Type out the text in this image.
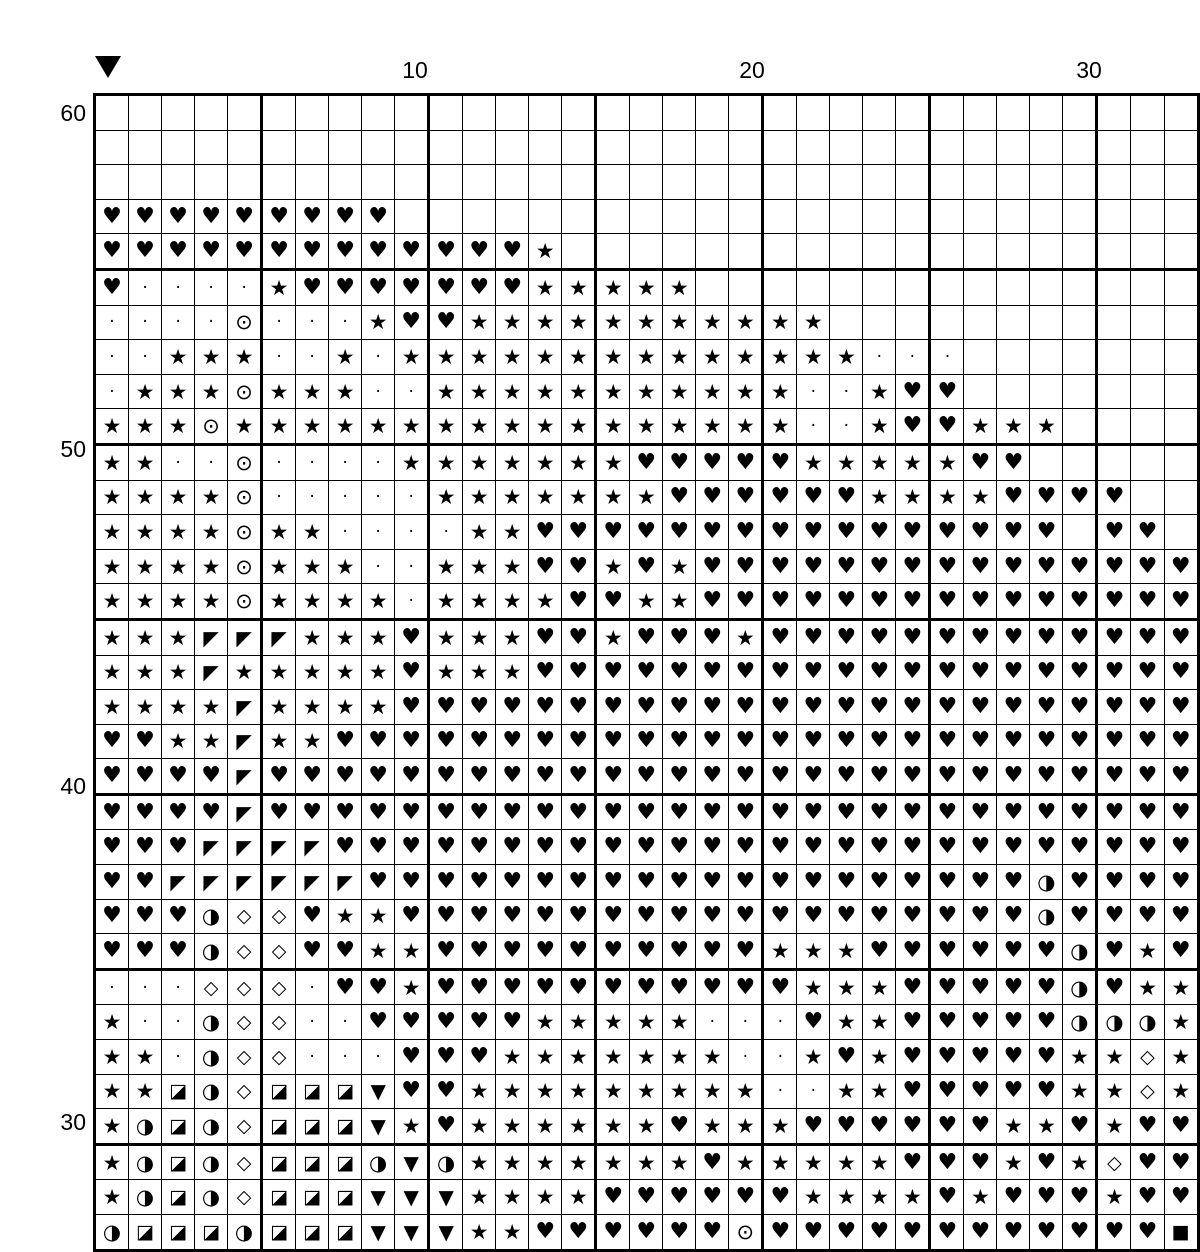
10	20	30
60
50
40
30

♥	♥	♥	♥	♥	♥	♥	♥	♥																								

♥	♥	♥	♥	♥	♥	♥	♥	♥	♥	♥	♥	♥	★																			

♥	·	·	·	·	★	♥	♥	♥	♥	♥	♥	♥	★	★	★	★	★															

·	·	·	·	⊙	·	·	·	★	♥	♥	★	★	★	★	★	★	★	★	★	★	★											

·	·	★	★	★	·	·	★	·	★	★	★	★	★	★	★	★	★	★	★	★	★	★	·	·	·							

·	★	★	★	⊙	★	★	★	·	·	★	★	★	★	★	★	★	★	★	★	★	·	·	★	♥	♥							

★	★	★	⊙	★	★	★	★	★	★	★	★	★	★	★	★	★	★	★	★	★	·	·	★	♥	♥	★	★	★				

★	★	·	·	⊙	·	·	·	·	★	★	★	★	★	★	★	♥	♥	♥	♥	♥	★	★	★	★	★	♥	♥					

★	★	★	★	⊙	·	·	·	·	·	★	★	★	★	★	★	★	♥	♥	♥	♥	♥	♥	★	★	★	★	♥	♥	♥	♥		

★	★	★	★	⊙	★	★	·	·	·	·	★	★	♥	♥	♥	♥	♥	♥	♥	♥	♥	♥	♥	♥	♥	♥	♥	♥		♥	♥	

★	★	★	★	⊙	★	★	★	·	·	★	★	★	♥	♥	★	♥	★	♥	♥	♥	♥	♥	♥	♥	♥	♥	♥	♥	♥	♥	♥	♥

★	★	★	★	⊙	★	★	★	★	·	★	★	★	★	♥	♥	★	★	♥	♥	♥	♥	♥	♥	♥	♥	♥	♥	♥	♥	♥	♥	♥

★	★	★	◤	◤	◤	★	★	★	♥	★	★	★	♥	♥	★	♥	♥	♥	★	♥	♥	♥	♥	♥	♥	♥	♥	♥	♥	♥	♥	♥

★	★	★	◤	★	★	★	★	★	♥	★	★	★	♥	♥	♥	♥	♥	♥	♥	♥	♥	♥	♥	♥	♥	♥	♥	♥	♥	♥	♥	♥

★	★	★	★	◤	★	★	★	★	♥	♥	♥	♥	♥	♥	♥	♥	♥	♥	♥	♥	♥	♥	♥	♥	♥	♥	♥	♥	♥	♥	♥	♥

♥	♥	★	★	◤	★	★	♥	♥	♥	♥	♥	♥	♥	♥	♥	♥	♥	♥	♥	♥	♥	♥	♥	♥	♥	♥	♥	♥	♥	♥	♥	♥

♥	♥	♥	♥	◤	♥	♥	♥	♥	♥	♥	♥	♥	♥	♥	♥	♥	♥	♥	♥	♥	♥	♥	♥	♥	♥	♥	♥	♥	♥	♥	♥	♥

♥	♥	♥	♥	◤	♥	♥	♥	♥	♥	♥	♥	♥	♥	♥	♥	♥	♥	♥	♥	♥	♥	♥	♥	♥	♥	♥	♥	♥	♥	♥	♥	♥

♥	♥	♥	◤	◤	◤	◤	♥	♥	♥	♥	♥	♥	♥	♥	♥	♥	♥	♥	♥	♥	♥	♥	♥	♥	♥	♥	♥	♥	♥	♥	♥	♥

♥	♥	◤	◤	◤	◤	◤	◤	♥	♥	♥	♥	♥	♥	♥	♥	♥	♥	♥	♥	♥	♥	♥	♥	♥	♥	♥	♥	◑	♥	♥	♥	♥

♥	♥	♥	◑	◇	◇	♥	★	★	♥	♥	♥	♥	♥	♥	♥	♥	♥	♥	♥	♥	♥	♥	♥	♥	♥	♥	♥	◑	♥	♥	♥	♥

♥	♥	♥	◑	◇	◇	♥	♥	★	★	♥	♥	♥	♥	♥	♥	♥	♥	♥	♥	★	★	★	♥	♥	♥	♥	♥	♥	◑	♥	★	♥

·	·	·	◇	◇	◇	·	♥	♥	★	♥	♥	♥	♥	♥	♥	♥	♥	♥	♥	♥	★	★	★	♥	♥	♥	♥	♥	◑	♥	★	★

★	·	·	◑	◇	◇	·	·	♥	♥	♥	♥	♥	★	★	★	★	★	·	·	·	♥	★	★	♥	♥	♥	♥	♥	◑	◑	◑	★

★	★	·	◑	◇	◇	·	·	·	♥	♥	♥	★	★	★	★	★	★	★	·	·	★	♥	★	♥	♥	♥	♥	♥	★	★	◇	★

★	★	◪	◑	◇	◪	◪	◪	▼	♥	♥	★	★	★	★	★	★	★	★	★	·	·	★	★	♥	♥	♥	♥	♥	★	★	◇	★

★	◑	◪	◑	◇	◪	◪	◪	▼	★	♥	★	★	★	★	★	★	♥	★	★	★	♥	♥	♥	♥	♥	♥	★	★	♥	★	♥	♥

★	◑	◪	◑	◇	◪	◪	◪	◑	▼	◑	★	★	★	★	★	★	★	♥	★	★	★	★	★	♥	♥	♥	★	♥	★	◇	♥	♥

★	◑	◪	◑	◇	◪	◪	◪	▼	▼	▼	★	★	★	★	♥	♥	♥	♥	♥	♥	★	★	★	★	♥	★	♥	♥	♥	★	♥	♥

◑	◪	◪	◪	◑	◪	◪	◪	▼	▼	▼	★	★	♥	♥	♥	♥	♥	♥	⊙	♥	♥	♥	♥	♥	♥	♥	♥	♥	♥	♥	♥	■
